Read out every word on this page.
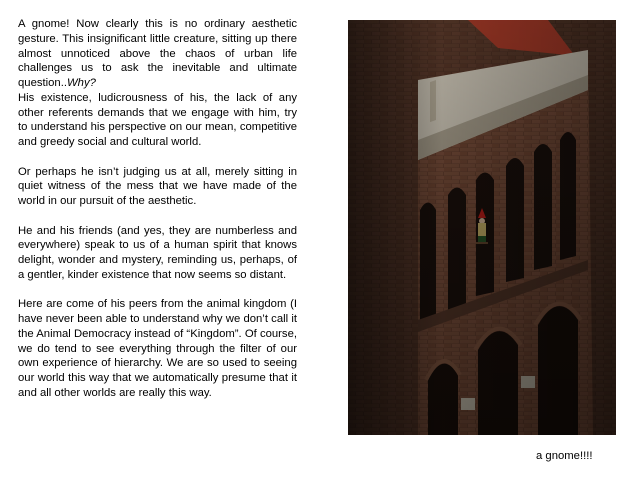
A gnome! Now clearly this is no ordinary aesthetic gesture. This insignificant little creature, sitting up there almost unnoticed above the chaos of urban life challenges us to ask the inevitable and ultimate question..Why?

His existence, ludicrousness of his, the lack of any other referents demands that we engage with him, try to understand his perspective on our mean, competitive and greedy social and cultural world.

Or perhaps he isn’t judging us at all, merely sitting in quiet witness of the mess that we have made of the world in our pursuit of the aesthetic.

He and his friends (and yes, they are numberless and everywhere) speak to us of a human spirit that knows delight, wonder and mystery, reminding us, perhaps, of a gentler, kinder existence that now seems so distant.

Here are come of his peers from the animal kingdom (I have never been able to understand why we don’t call it the Animal Democracy instead of “Kingdom”. Of course, we do tend to see everything through the filter of our own experience of hierarchy. We are so used to seeing our world this way that we automatically presume that it and all other worlds are really this way.

a gnome!!!!
